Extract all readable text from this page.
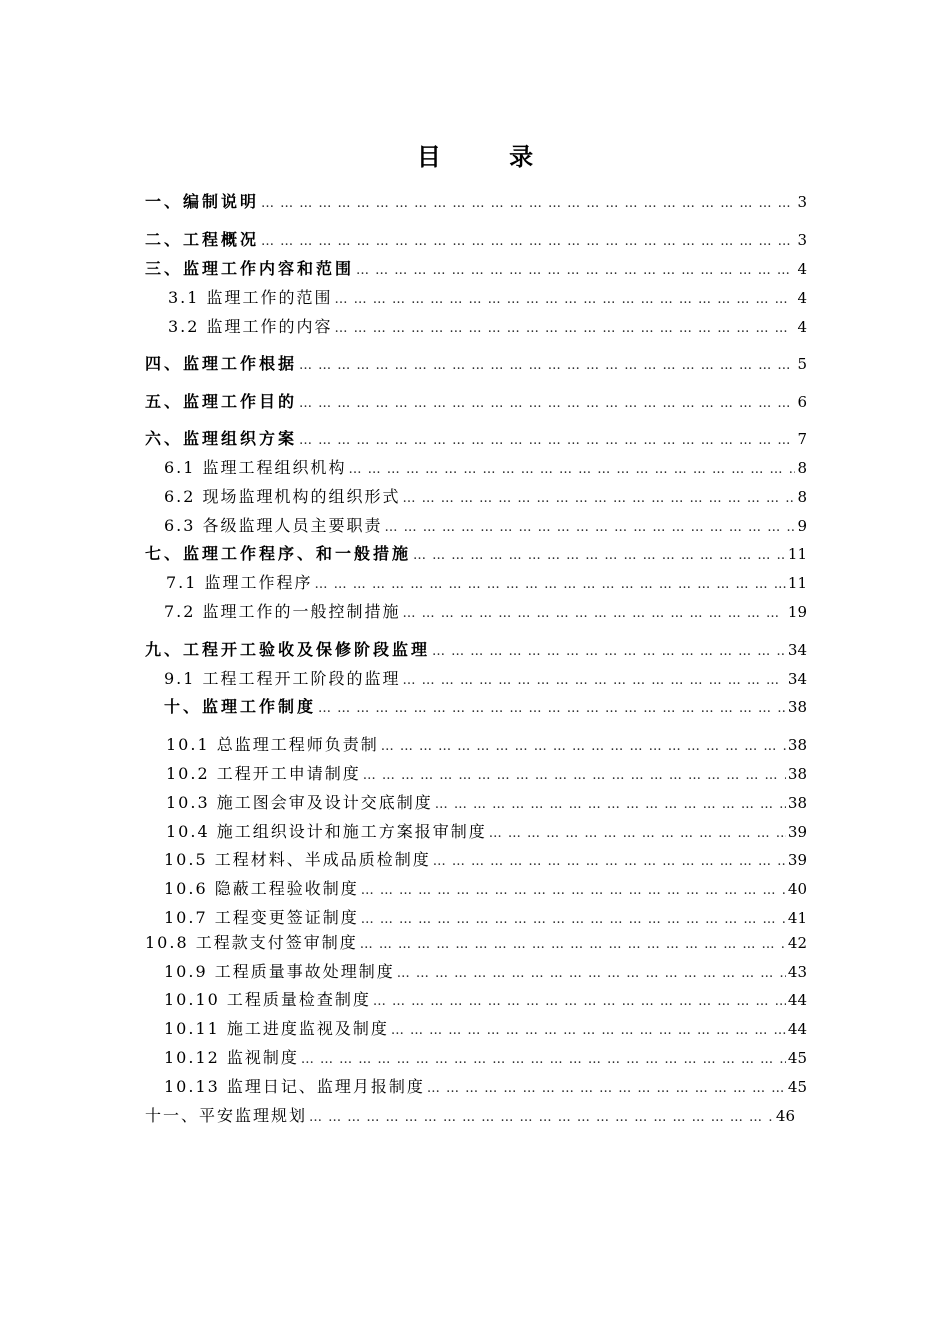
目 录
一、编制说明 … … … … … … … … … … … … … … … … … … … … … … … … … … … … … … … … … … … … … … … … … … … … … … … … … … … … … … … … … … … … … …	3
二、工程概况 … … … … … … … … … … … … … … … … … … … … … … … … … … … … … … … … … … … … … … … … … … … … … … … … … … … … … … … … … … … … … …	3
三、监理工作内容和范围 … … … … … … … … … … … … … … … … … … … … … … … … … … … … … … … … … … … … … … … … … … … … … … … … … … … … … … … … … … … … … …	4
3.1 监理工作的范围 … … … … … … … … … … … … … … … … … … … … … … … … … … … … … … … … … … … … … … … … … … … … … … … … … … … … … … … … … … … … … …	4
3.2 监理工作的内容 … … … … … … … … … … … … … … … … … … … … … … … … … … … … … … … … … … … … … … … … … … … … … … … … … … … … … … … … … … … … … …	4
四、监理工作根据 … … … … … … … … … … … … … … … … … … … … … … … … … … … … … … … … … … … … … … … … … … … … … … … … … … … … … … … … … … … … … …	5
五、监理工作目的 … … … … … … … … … … … … … … … … … … … … … … … … … … … … … … … … … … … … … … … … … … … … … … … … … … … … … … … … … … … … … …	6
六、监理组织方案 … … … … … … … … … … … … … … … … … … … … … … … … … … … … … … … … … … … … … … … … … … … … … … … … … … … … … … … … … … … … … …	7
6.1 监理工程组织机构 … … … … … … … … … … … … … … … … … … … … … … … … … … … … … … … … … … … … … … … … … … … … … … … … … … … … … … … … … … … … … …	8
6.2 现场监理机构的组织形式 … … … … … … … … … … … … … … … … … … … … … … … … … … … … … … … … … … … … … … … … … … … … … … … … … … … … … … … … … … … … … …	8
6.3 各级监理人员主要职责 … … … … … … … … … … … … … … … … … … … … … … … … … … … … … … … … … … … … … … … … … … … … … … … … … … … … … … … … … … … … … …	9
七、监理工作程序、和一般措施 … … … … … … … … … … … … … … … … … … … … … … … … … … … … … … … … … … … … … … … … … … … … … … … … … … … … … … … … … … … … … …	11
7.1 监理工作程序 … … … … … … … … … … … … … … … … … … … … … … … … … … … … … … … … … … … … … … … … … … … … … … … … … … … … … … … … … … … … … …	11
7.2 监理工作的一般控制措施 … … … … … … … … … … … … … … … … … … … … … … … … … … … … … … … … … … … … … … … … … … … … … … … … … … … … … … … … … … … … … …	19
九、工程开工验收及保修阶段监理 … … … … … … … … … … … … … … … … … … … … … … … … … … … … … … … … … … … … … … … … … … … … … … … … … … … … … … … … … … … … … …	34
9.1 工程工程开工阶段的监理 … … … … … … … … … … … … … … … … … … … … … … … … … … … … … … … … … … … … … … … … … … … … … … … … … … … … … … … … … … … … … …	34
十、监理工作制度 … … … … … … … … … … … … … … … … … … … … … … … … … … … … … … … … … … … … … … … … … … … … … … … … … … … … … … … … … … … … … …	38
10.1 总监理工程师负责制 … … … … … … … … … … … … … … … … … … … … … … … … … … … … … … … … … … … … … … … … … … … … … … … … … … … … … … … … … … … … … …	38
10.2 工程开工申请制度 … … … … … … … … … … … … … … … … … … … … … … … … … … … … … … … … … … … … … … … … … … … … … … … … … … … … … … … … … … … … … …	38
10.3 施工图会审及设计交底制度 … … … … … … … … … … … … … … … … … … … … … … … … … … … … … … … … … … … … … … … … … … … … … … … … … … … … … … … … … … … … … …	38
10.4 施工组织设计和施工方案报审制度 … … … … … … … … … … … … … … … … … … … … … … … … … … … … … … … … … … … … … … … … … … … … … … … … … … … … … … … … … … … … … …	39
10.5 工程材料、半成品质检制度 … … … … … … … … … … … … … … … … … … … … … … … … … … … … … … … … … … … … … … … … … … … … … … … … … … … … … … … … … … … … … …	39
10.6 隐蔽工程验收制度 … … … … … … … … … … … … … … … … … … … … … … … … … … … … … … … … … … … … … … … … … … … … … … … … … … … … … … … … … … … … … …	40
10.7 工程变更签证制度 … … … … … … … … … … … … … … … … … … … … … … … … … … … … … … … … … … … … … … … … … … … … … … … … … … … … … … … … … … … … … …	41
10.8 工程款支付签审制度 … … … … … … … … … … … … … … … … … … … … … … … … … … … … … … … … … … … … … … … … … … … … … … … … … … … … … … … … … … … … … …	42
10.9 工程质量事故处理制度 … … … … … … … … … … … … … … … … … … … … … … … … … … … … … … … … … … … … … … … … … … … … … … … … … … … … … … … … … … … … … …	43
10.10 工程质量检查制度 … … … … … … … … … … … … … … … … … … … … … … … … … … … … … … … … … … … … … … … … … … … … … … … … … … … … … … … … … … … … … …	44
10.11 施工进度监视及制度 … … … … … … … … … … … … … … … … … … … … … … … … … … … … … … … … … … … … … … … … … … … … … … … … … … … … … … … … … … … … … …	44
10.12 监视制度 … … … … … … … … … … … … … … … … … … … … … … … … … … … … … … … … … … … … … … … … … … … … … … … … … … … … … … … … … … … … … …	45
10.13 监理日记、监理月报制度 … … … … … … … … … … … … … … … … … … … … … … … … … … … … … … … … … … … … … … … … … … … … … … … … … … … … … … … … … … … … … …	45
十一、平安监理规划 … … … … … … … … … … … … … … … … … … … … … … … … … … … … … … … … … … … … … … … … … … … … … … … … … … … … … … … … … … … … … …	46
